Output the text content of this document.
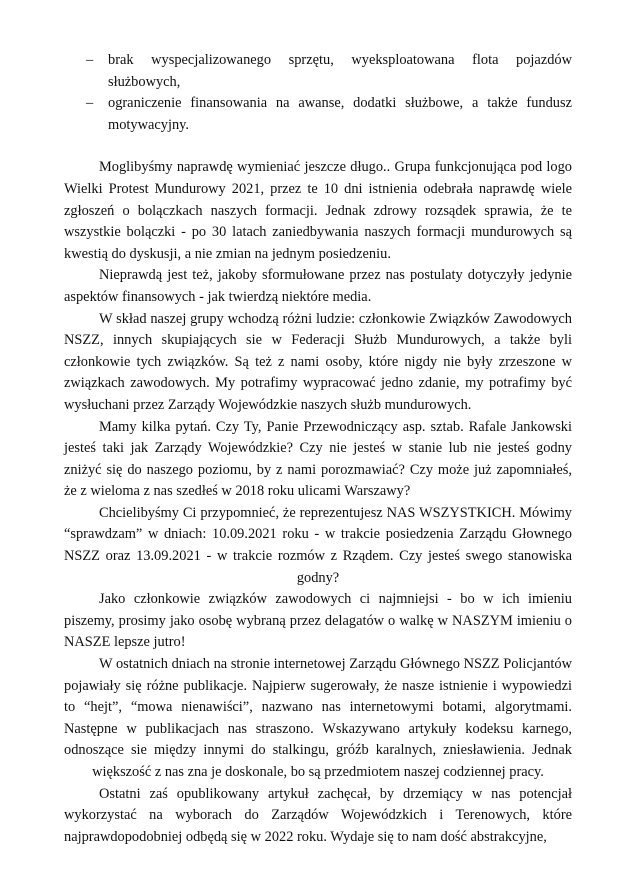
– brak wyspecjalizowanego sprzętu, wyeksploatowana flota pojazdów służbowych,
– ograniczenie finansowania na awanse, dodatki służbowe, a także fundusz motywacyjny.

Moglibyśmy naprawdę wymieniać jeszcze długo.. Grupa funkcjonująca pod logo Wielki Protest Mundurowy 2021, przez te 10 dni istnienia odebrała naprawdę wiele zgłoszeń o bolączkach naszych formacji. Jednak zdrowy rozsądek sprawia, że te wszystkie bolączki - po 30 latach zaniedbywania naszych formacji mundurowych są kwestią do dyskusji, a nie zmian na jednym posiedzeniu.

Nieprawdą jest też, jakoby sformułowane przez nas postulaty dotyczyły jedynie aspektów finansowych - jak twierdzą niektóre media.

W skład naszej grupy wchodzą różni ludzie: członkowie Związków Zawodowych NSZZ, innych skupiających sie w Federacji Służb Mundurowych, a także byli członkowie tych związków. Są też z nami osoby, które nigdy nie były zrzeszone w związkach zawodowych. My potrafimy wypracować jedno zdanie, my potrafimy być wysłuchani przez Zarządy Wojewódzkie naszych służb mundurowych.

Mamy kilka pytań. Czy Ty, Panie Przewodniczący asp. sztab. Rafale Jankowski jesteś taki jak Zarządy Wojewódzkie? Czy nie jesteś w stanie lub nie jesteś godny zniżyć się do naszego poziomu, by z nami porozmawiać? Czy może już zapomniałeś, że z wieloma z nas szedłeś w 2018 roku ulicami Warszawy?

Chcielibyśmy Ci przypomnieć, że reprezentujesz NAS WSZYSTKICH. Mówimy “sprawdzam” w dniach: 10.09.2021 roku - w trakcie posiedzenia Zarządu Głownego NSZZ oraz 13.09.2021 - w trakcie rozmów z Rządem. Czy jesteś swego stanowiska godny?

Jako członkowie związków zawodowych ci najmniejsi - bo w ich imieniu piszemy, prosimy jako osobę wybraną przez delagatów o walkę w NASZYM imieniu o NASZE lepsze jutro!

W ostatnich dniach na stronie internetowej Zarządu Głównego NSZZ Policjantów pojawiały się różne publikacje. Najpierw sugerowały, że nasze istnienie i wypowiedzi to “hejt”, “mowa nienawiści”, nazwano nas internetowymi botami, algorytmami. Następne w publikacjach nas straszono. Wskazywano artykuły kodeksu karnego, odnoszące sie między innymi do stalkingu, gróźb karalnych, zniesławienia. Jednak większość z nas zna je doskonale, bo są przedmiotem naszej codziennej pracy.

Ostatni zaś opublikowany artykuł zachęcał, by drzemiący w nas potencjał wykorzystać na wyborach do Zarządów Wojewódzkich i Terenowych, które najprawdopodobniej odbędą się w 2022 roku. Wydaje się to nam dość abstrakcyjne,
